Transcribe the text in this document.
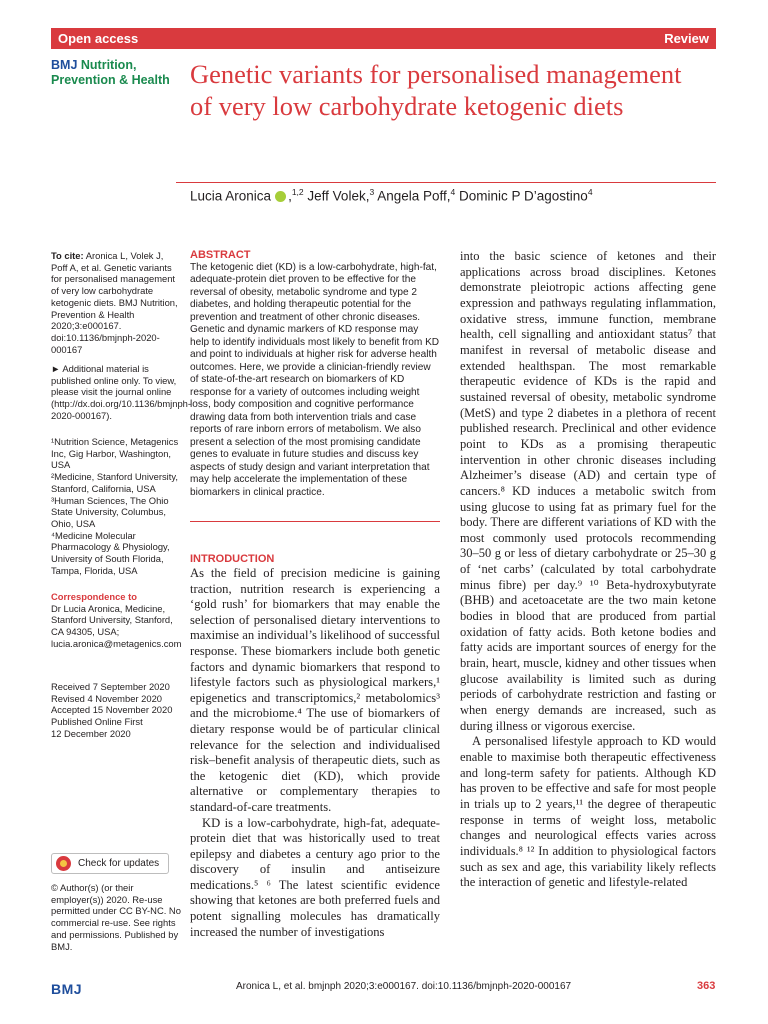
Open access	Review
BMJ Nutrition,
Prevention & Health Genetic variants for personalised management of very low carbohydrate ketogenic diets
Lucia Aronica ,$^{1,2}$ Jeff Volek,$^3$ Angela Poff,$^4$ Dominic P D’agostino$^4$

To cite: Aronica L, Volek J, Poff A, et al. Genetic variants for personalised management of very low carbohydrate ketogenic diets. BMJ Nutrition, Prevention & Health 2020;3:e000167. doi:10.1136/bmjnph-2020-000167

► Additional material is published online only. To view, please visit the journal online (http://dx.doi.org/10.1136/bmjnph-2020-000167).

¹Nutrition Science, Metagenics Inc, Gig Harbor, Washington, USA

²Medicine, Stanford University, Stanford, California, USA

³Human Sciences, The Ohio State University, Columbus, Ohio, USA

⁴Medicine Molecular Pharmacology & Physiology, University of South Florida, Tampa, Florida, USA

Correspondence to

Dr Lucia Aronica, Medicine, Stanford University, Stanford, CA 94305, USA; lucia.aronica@metagenics.com

Received 7 September 2020

Revised 4 November 2020

Accepted 15 November 2020

Published Online First

12 December 2020

Check for updates

© Author(s) (or their employer(s)) 2020. Re-use permitted under CC BY-NC. No commercial re-use. See rights and permissions. Published by BMJ.

ABSTRACT

The ketogenic diet (KD) is a low-carbohydrate, high-fat, adequate-protein diet proven to be effective for the reversal of obesity, metabolic syndrome and type 2 diabetes, and holding therapeutic potential for the prevention and treatment of other chronic diseases. Genetic and dynamic markers of KD response may help to identify individuals most likely to benefit from KD and point to individuals at higher risk for adverse health outcomes. Here, we provide a clinician-friendly review of state-of-the-art research on biomarkers of KD response for a variety of outcomes including weight loss, body composition and cognitive performance drawing data from both intervention trials and case reports of rare inborn errors of metabolism. We also present a selection of the most promising candidate genes to evaluate in future studies and discuss key aspects of study design and variant interpretation that may help accelerate the implementation of these biomarkers in clinical practice.

INTRODUCTION

As the field of precision medicine is gaining traction, nutrition research is experiencing a ‘gold rush’ for biomarkers that may enable the selection of personalised dietary interventions to maximise an individual’s likelihood of successful response. These biomarkers include both genetic factors and dynamic biomarkers that respond to lifestyle factors such as physiological markers,¹ epigenetics and transcriptomics,² metabolomics³ and the microbiome.⁴ The use of biomarkers of dietary response would be of particular clinical relevance for the selection and individualised risk–benefit analysis of therapeutic diets, such as the ketogenic diet (KD), which provide alternative or complementary therapies to standard-of-care treatments.

KD is a low-carbohydrate, high-fat, adequate-protein diet that was historically used to treat epilepsy and diabetes a century ago prior to the discovery of insulin and antiseizure medications.⁵ ⁶ The latest scientific evidence showing that ketones are both preferred fuels and potent signalling molecules has dramatically increased the number of investigations

into the basic science of ketones and their applications across broad disciplines. Ketones demonstrate pleiotropic actions affecting gene expression and pathways regulating inflammation, oxidative stress, immune function, membrane health, cell signalling and antioxidant status⁷ that manifest in reversal of metabolic disease and extended healthspan. The most remarkable therapeutic evidence of KDs is the rapid and sustained reversal of obesity, metabolic syndrome (MetS) and type 2 diabetes in a plethora of recent published research. Preclinical and other evidence point to KDs as a promising therapeutic intervention in other chronic diseases including Alzheimer’s disease (AD) and certain type of cancers.⁸ KD induces a metabolic switch from using glucose to using fat as primary fuel for the body. There are different variations of KD with the most commonly used protocols recommending 30–50 g or less of dietary carbohydrate or 25–30 g of ‘net carbs’ (calculated by total carbohydrate minus fibre) per day.⁹ ¹⁰ Beta-hydroxybutyrate (BHB) and acetoacetate are the two main ketone bodies in blood that are produced from partial oxidation of fatty acids. Both ketone bodies and fatty acids are important sources of energy for the brain, heart, muscle, kidney and other tissues when glucose availability is limited such as during periods of carbohydrate restriction and fasting or when energy demands are increased, such as during illness or vigorous exercise.

A personalised lifestyle approach to KD would enable to maximise both therapeutic effectiveness and long-term safety for patients. Although KD has proven to be effective and safe for most people in trials up to 2 years,¹¹ the degree of therapeutic response in terms of weight loss, metabolic changes and neurological effects varies across individuals.⁸ ¹² In addition to physiological factors such as sex and age, this variability likely reflects the interaction of genetic and lifestyle-related

BMJ	Aronica L, et al. bmjnph 2020;3:e000167. doi:10.1136/bmjnph-2020-000167	363
